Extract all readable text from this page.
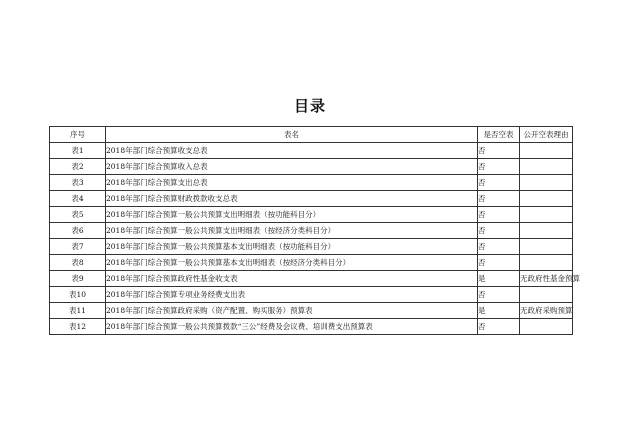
目录
序号	表名	是否空表	公开空表理由
表1	2018年部门综合预算收支总表	否	
表2	2018年部门综合预算收入总表	否	
表3	2018年部门综合预算支出总表	否	
表4	2018年部门综合预算财政拨款收支总表	否	
表5	2018年部门综合预算一般公共预算支出明细表（按功能科目分）	否	
表6	2018年部门综合预算一般公共预算支出明细表（按经济分类科目分）	否	
表7	2018年部门综合预算一般公共预算基本支出明细表（按功能科目分）	否	
表8	2018年部门综合预算一般公共预算基本支出明细表（按经济分类科目分）	否	
表9	2018年部门综合预算政府性基金收支表	是	无政府性基金预算
表10	2018年部门综合预算专项业务经费支出表	否	
表11	2018年部门综合预算政府采购（资产配置、购买服务）预算表	是	无政府采购预算
表12	2018年部门综合预算一般公共预算拨款“三公”经费及会议费、培训费支出预算表	否	
